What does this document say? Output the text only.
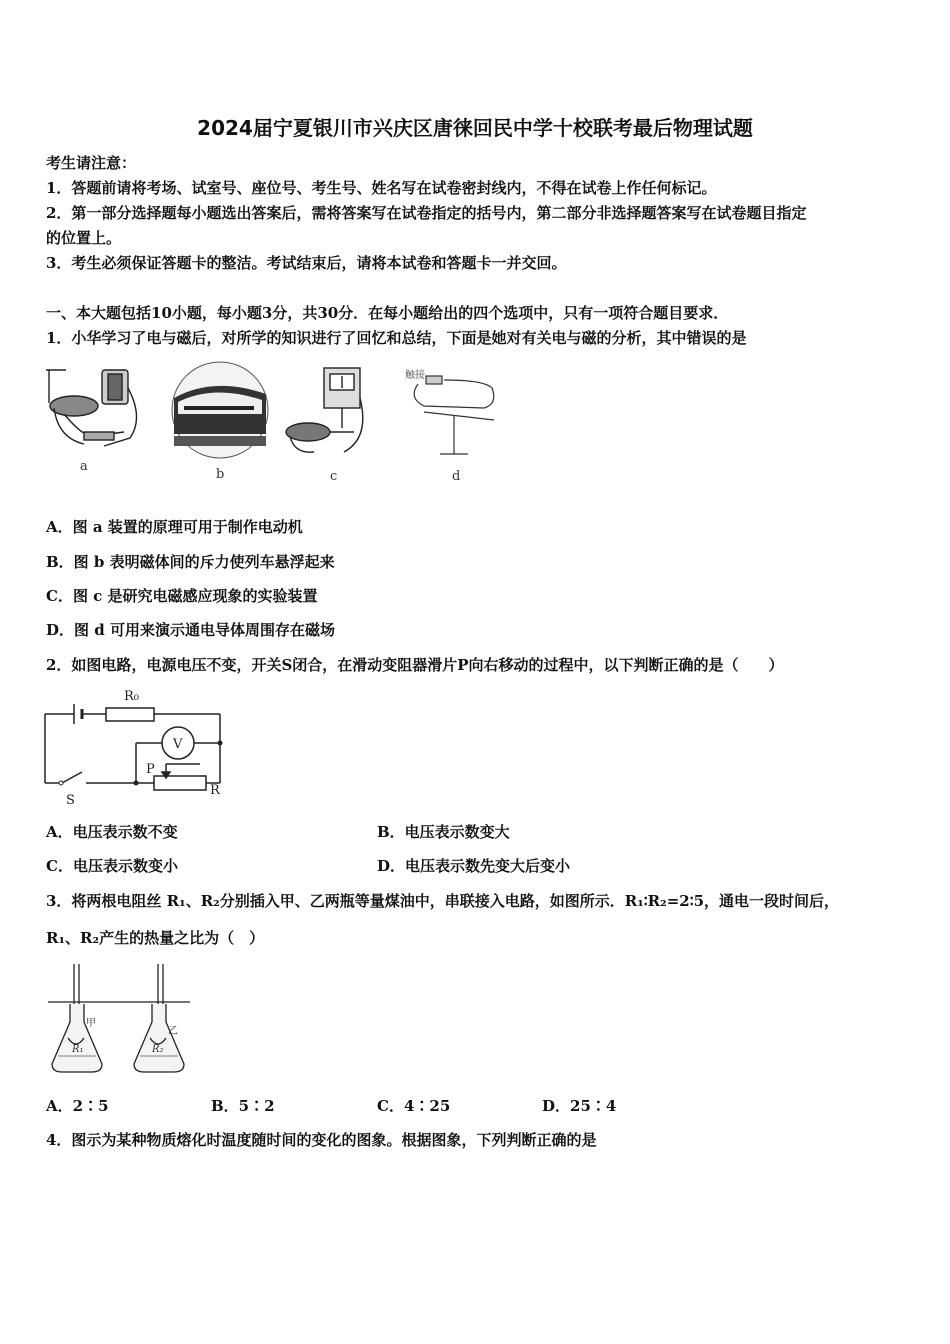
2024届宁夏银川市兴庆区唐徕回民中学十校联考最后物理试题
考生请注意：
1．答题前请将考场、试室号、座位号、考生号、姓名写在试卷密封线内，不得在试卷上作任何标记。
2．第一部分选择题每小题选出答案后，需将答案写在试卷指定的括号内，第二部分非选择题答案写在试卷题目指定
的位置上。
3．考生必须保证答题卡的整洁。考试结束后，请将本试卷和答题卡一并交回。
一、本大题包括10小题，每小题3分，共30分．在每小题给出的四个选项中，只有一项符合题目要求．
1．小华学习了电与磁后，对所学的知识进行了回忆和总结，下面是她对有关电与磁的分析，其中错误的是
触接
a
b	c	d
A．图 a 装置的原理可用于制作电动机
B．图 b 表明磁体间的斥力使列车悬浮起来
C．图 c 是研究电磁感应现象的实验装置
D．图 d 可用来演示通电导体周围存在磁场
2．如图电路，电源电压不变，开关S闭合，在滑动变阻器滑片P向右移动的过程中，以下判断正确的是（　　）
R₀
V
P
R
S
A．电压表示数不变	B．电压表示数变大
C．电压表示数变小	D．电压表示数先变大后变小
3．将两根电阻丝 R₁、R₂分别插入甲、乙两瓶等量煤油中，串联接入电路，如图所示．R₁∶R₂=2∶5，通电一段时间后，
R₁、R₂产生的热量之比为（　）
甲
乙
R₁	R₂
A．2∶5	B．5∶2	C．4∶25	D．25∶4
4．图示为某种物质熔化时温度随时间的变化的图象。根据图象，下列判断正确的是
